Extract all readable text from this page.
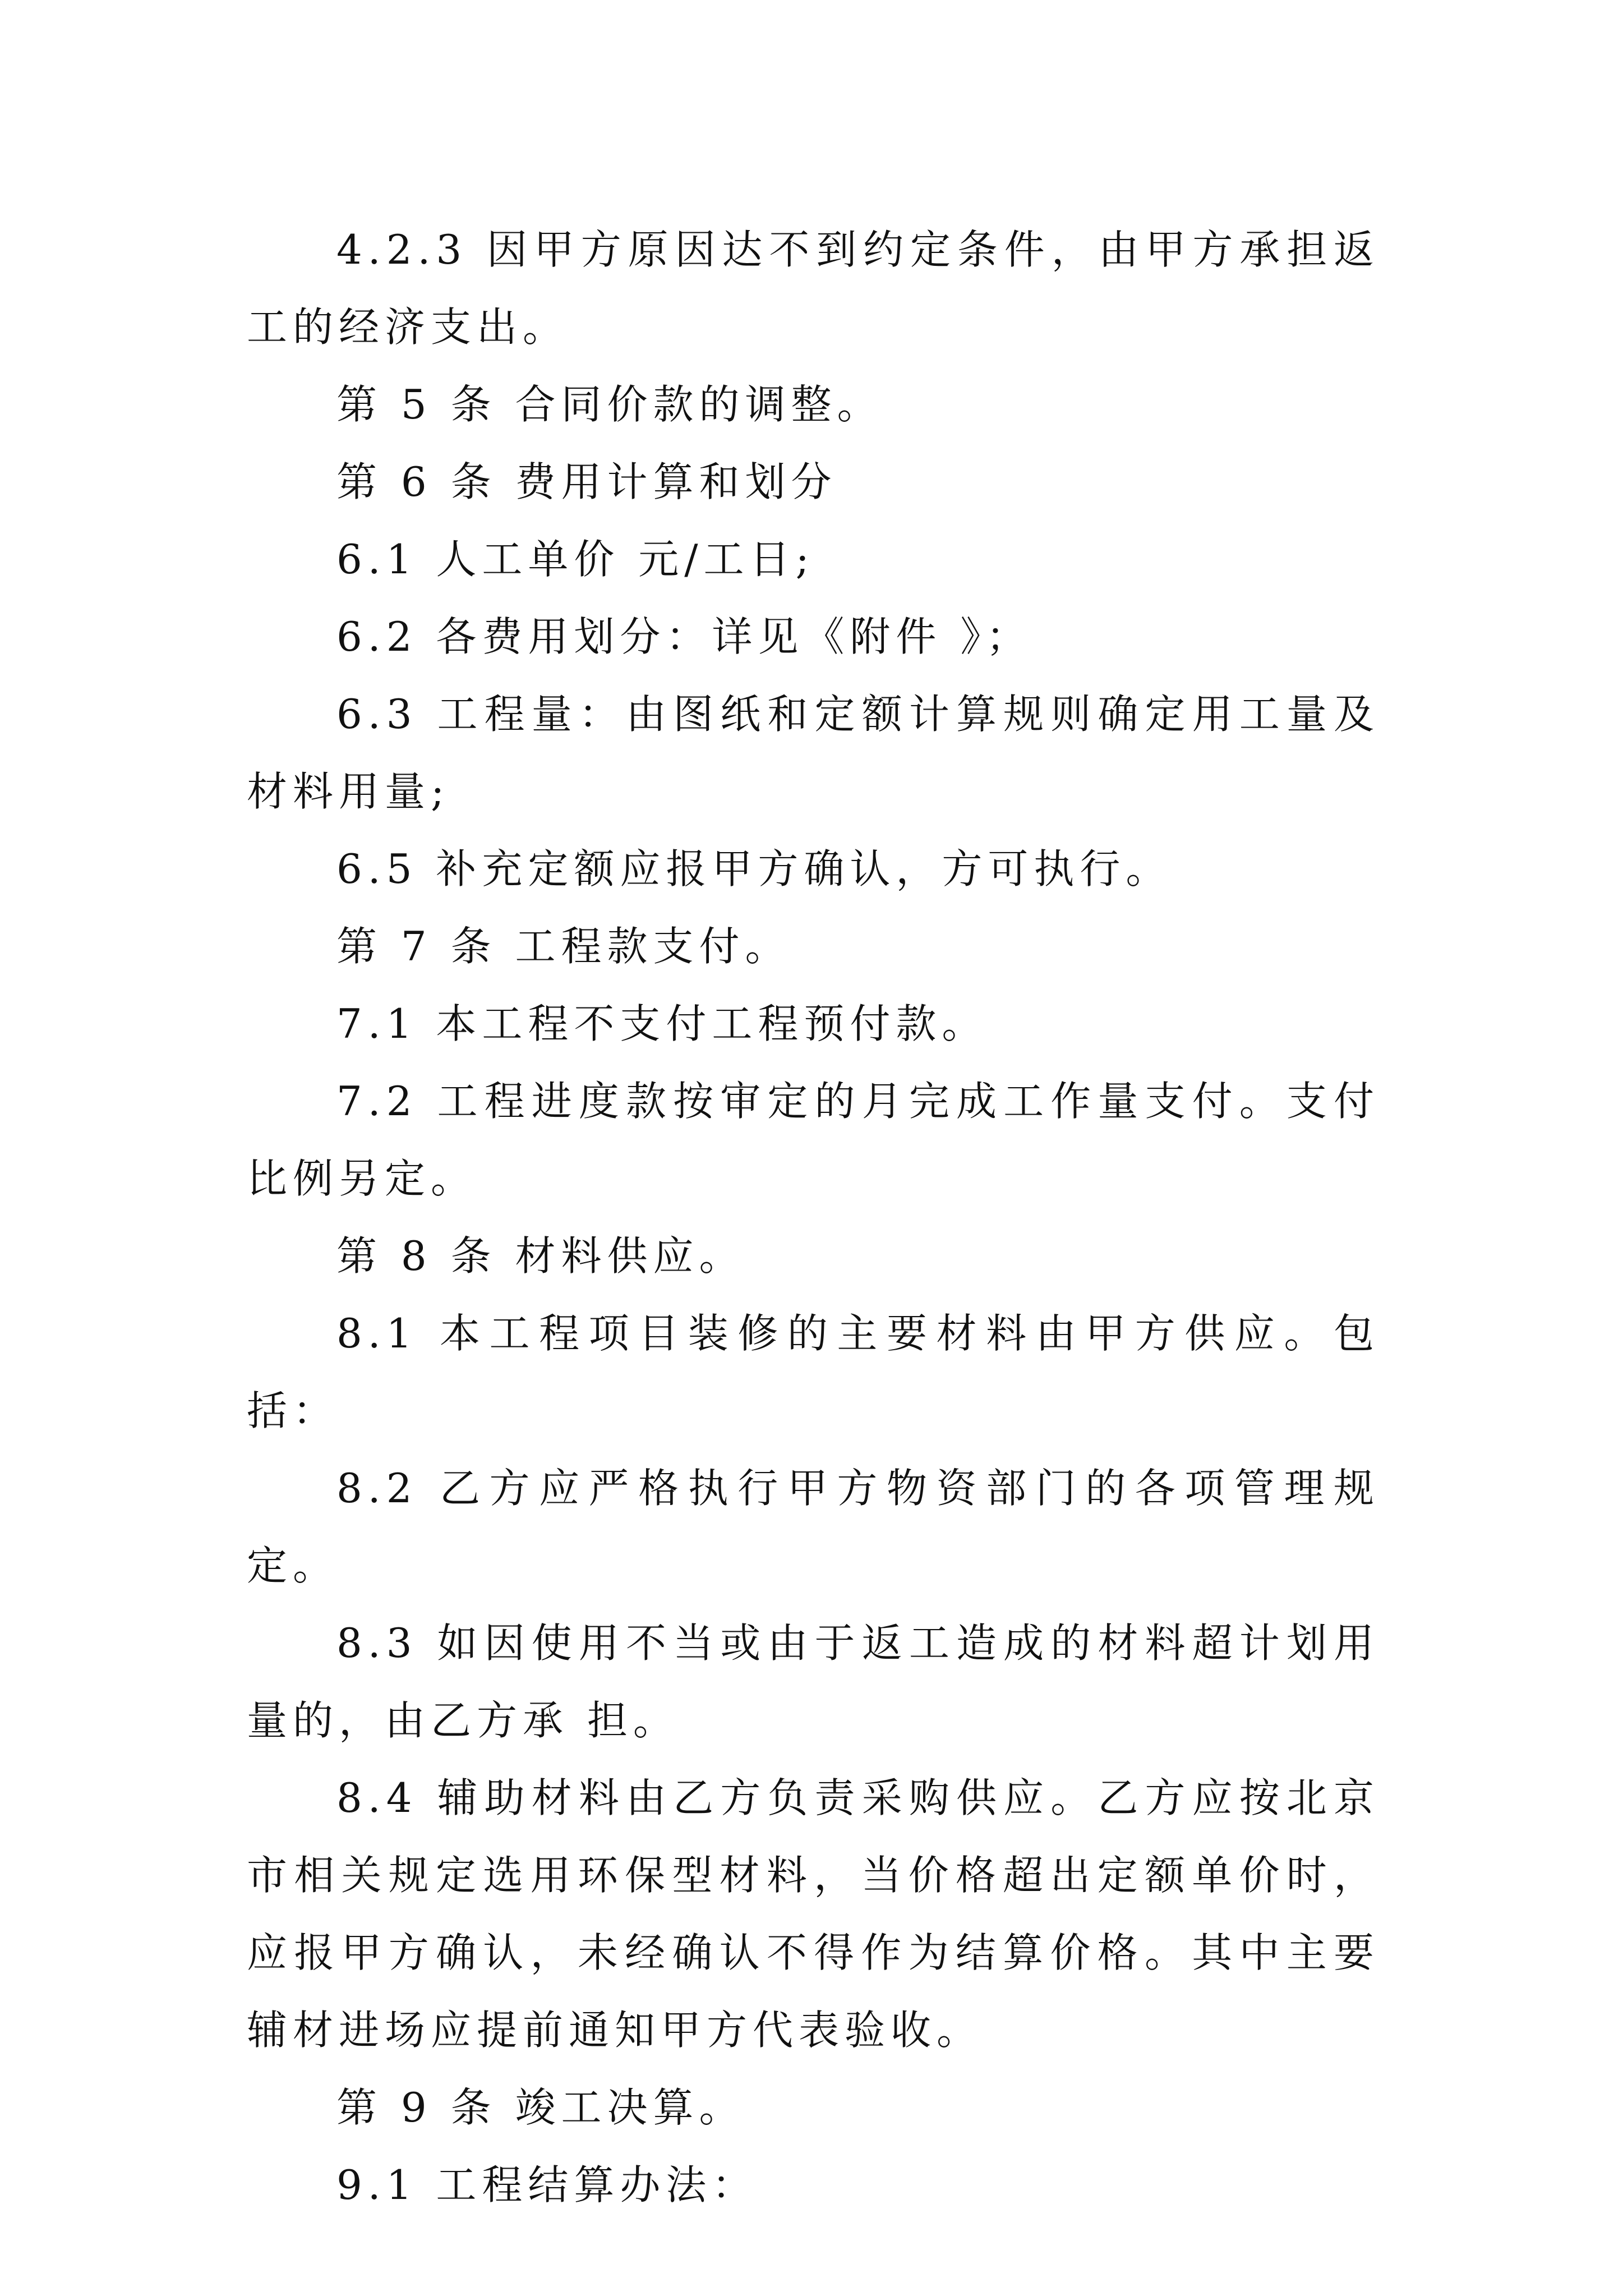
4.2.3 因甲方原因达不到约定条件，由甲方承担返工的经济支出。

第 5 条 合同价款的调整。

第 6 条 费用计算和划分

6.1 人工单价 元/工日;

6.2 各费用划分：详见《附件 》；

6.3 工程量：由图纸和定额计算规则确定用工量及材料用量;

6.5 补充定额应报甲方确认，方可执行。

第 7 条 工程款支付。

7.1 本工程不支付工程预付款。

7.2 工程进度款按审定的月完成工作量支付。支付比例另定。

第 8 条 材料供应。

8.1 本工程项目装修的主要材料由甲方供应。包括：

8.2 乙方应严格执行甲方物资部门的各项管理规定。

8.3 如因使用不当或由于返工造成的材料超计划用量的，由乙方承 担。

8.4 辅助材料由乙方负责采购供应。乙方应按北京市相关规定选用环保型材料，当价格超出定额单价时，应报甲方确认，未经确认不得作为结算价格。其中主要辅材进场应提前通知甲方代表验收。

第 9 条 竣工决算。

9.1 工程结算办法：
